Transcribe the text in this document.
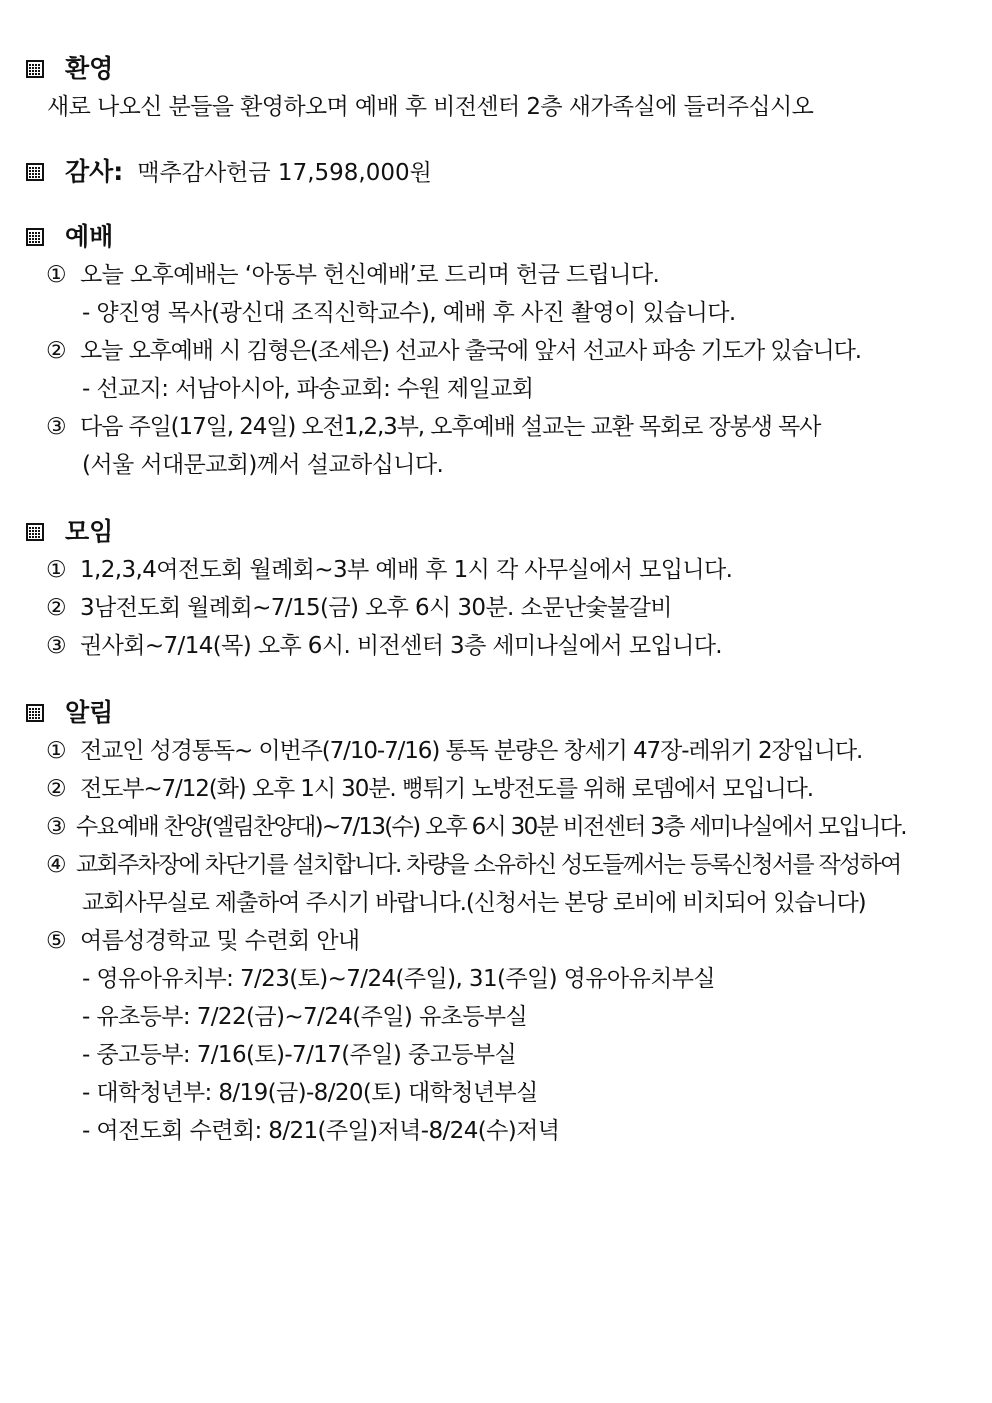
환영
새로 나오신 분들을 환영하오며 예배 후 비전센터 2층 새가족실에 들러주십시오
감사: 맥추감사헌금 17,598,000원
예배
① 오늘 오후예배는 ‘아동부 헌신예배’로 드리며 헌금 드립니다.
- 양진영 목사(광신대 조직신학교수), 예배 후 사진 촬영이 있습니다.
② 오늘 오후예배 시 김형은(조세은) 선교사 출국에 앞서 선교사 파송 기도가 있습니다.
- 선교지: 서남아시아, 파송교회: 수원 제일교회
③ 다음 주일(17일, 24일) 오전1,2,3부, 오후예배 설교는 교환 목회로 장봉생 목사
(서울 서대문교회)께서 설교하십니다.
모임
① 1,2,3,4여전도회 월례회~3부 예배 후 1시 각 사무실에서 모입니다.
② 3남전도회 월례회~7/15(금) 오후 6시 30분. 소문난숯불갈비
③ 권사회~7/14(목) 오후 6시. 비전센터 3층 세미나실에서 모입니다.
알림
① 전교인 성경통독~ 이번주(7/10-7/16) 통독 분량은 창세기 47장-레위기 2장입니다.
② 전도부~7/12(화) 오후 1시 30분. 뻥튀기 노방전도를 위해 로뎀에서 모입니다.
③ 수요예배 찬양(엘림찬양대)~7/13(수) 오후 6시 30분 비전센터 3층 세미나실에서 모입니다.
④ 교회주차장에 차단기를 설치합니다. 차량을 소유하신 성도들께서는 등록신청서를 작성하여
교회사무실로 제출하여 주시기 바랍니다.(신청서는 본당 로비에 비치되어 있습니다)
⑤ 여름성경학교 및 수련회 안내
- 영유아유치부: 7/23(토)~7/24(주일), 31(주일) 영유아유치부실
- 유초등부: 7/22(금)~7/24(주일) 유초등부실
- 중고등부: 7/16(토)-7/17(주일) 중고등부실
- 대학청년부: 8/19(금)-8/20(토) 대학청년부실
- 여전도회 수련회: 8/21(주일)저녁-8/24(수)저녁
